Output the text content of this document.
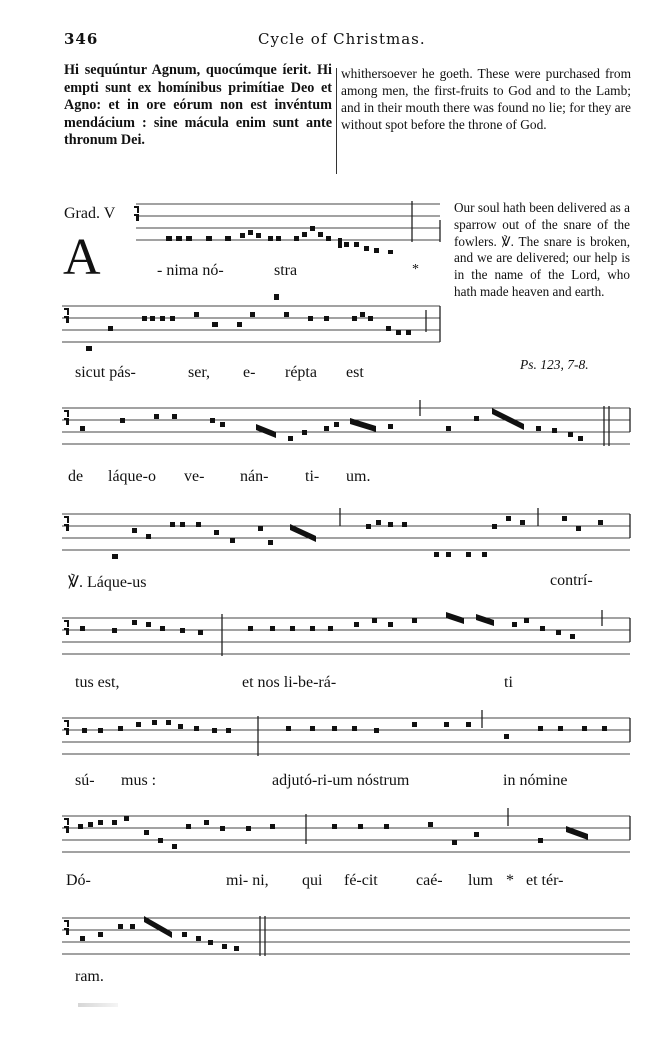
346	Cycle of Christmas.
Hi sequúntur Agnum, quocúmque íerit. Hi empti sunt ex homínibus primítiae Deo et Agno: et in ore eórum non est invéntum mendácium : sine mácula enim sunt ante thronum Dei.
whithersoever he goeth. These were purchased from among men, the first-fruits to God and to the Lamb; and in their mouth there was found no lie; for they are without spot before the throne of God.
Grad. V
A
Our soul hath been delivered as a sparrow out of the snare of the fowlers. ℣. The snare is broken, and we are delivered; our help is in the name of the Lord, who hath made heaven and earth.
Ps. 123, 7-8.
- nima nó-	stra	*
sicut pás-	ser, e- répta est
de láque-o ve- nán- ti- um.
℣. Láque-us	contrí-
tus est,	et nos li-be-rá-	ti
sú- mus :	adjutó-ri-um nóstrum	in nómine
Dó-	mi- ni, qui fé-cit caé- lum * et tér-
ram.
